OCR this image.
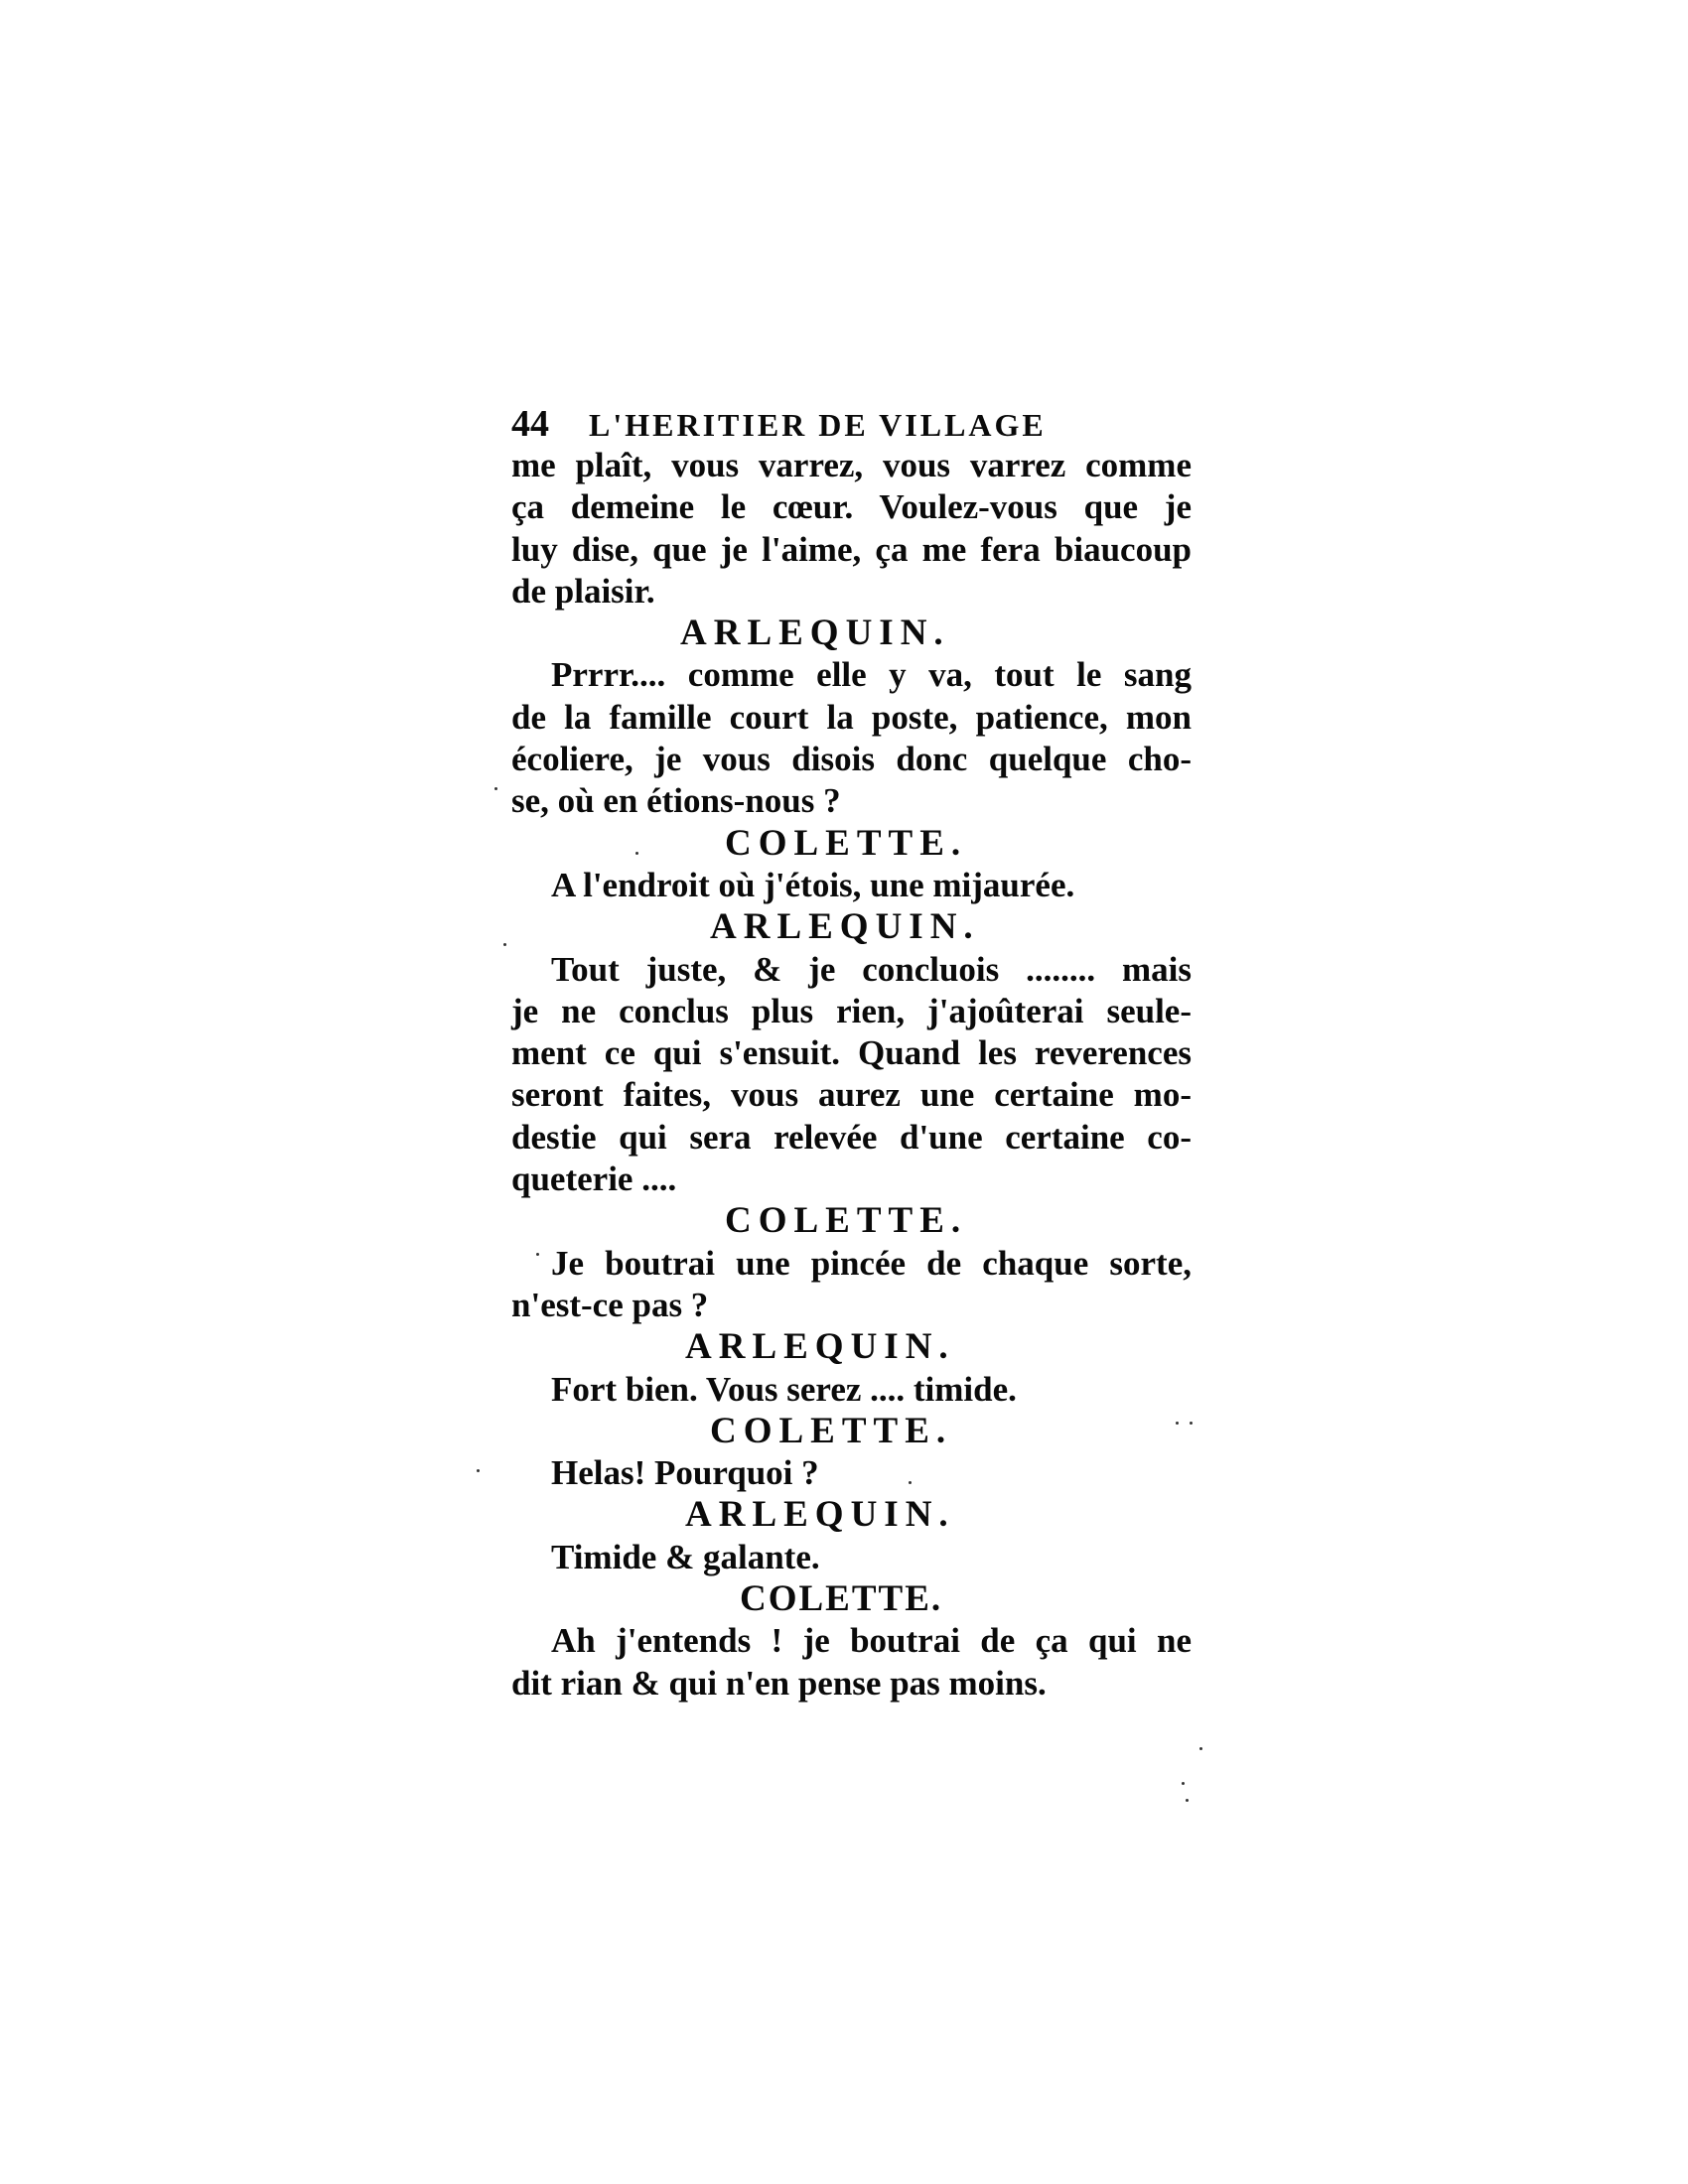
44 L'HERITIER DE VILLAGE
me plaît, vous varrez, vous varrez comme
ça demeine le cœur. Voulez-vous que je
luy dise, que je l'aime, ça me fera biaucoup
de plaisir.
ARLEQUIN.
Prrrr.... comme elle y va, tout le sang
de la famille court la poste, patience, mon
écoliere, je vous disois donc quelque cho-
se, où en étions-nous ?
COLETTE.
A l'endroit où j'étois, une mijaurée.
ARLEQUIN.
Tout juste, & je concluois ........ mais
je ne conclus plus rien, j'ajoûterai seule-
ment ce qui s'ensuit. Quand les reverences
seront faites, vous aurez une certaine mo-
destie qui sera relevée d'une certaine co-
queterie ....
COLETTE.
Je boutrai une pincée de chaque sorte,
n'est-ce pas ?
ARLEQUIN.
Fort bien. Vous serez .... timide.
COLETTE.
Helas! Pourquoi ?
ARLEQUIN.
Timide & galante.
COLETTE.
Ah j'entends ! je boutrai de ça qui ne
dit rian & qui n'en pense pas moins.
